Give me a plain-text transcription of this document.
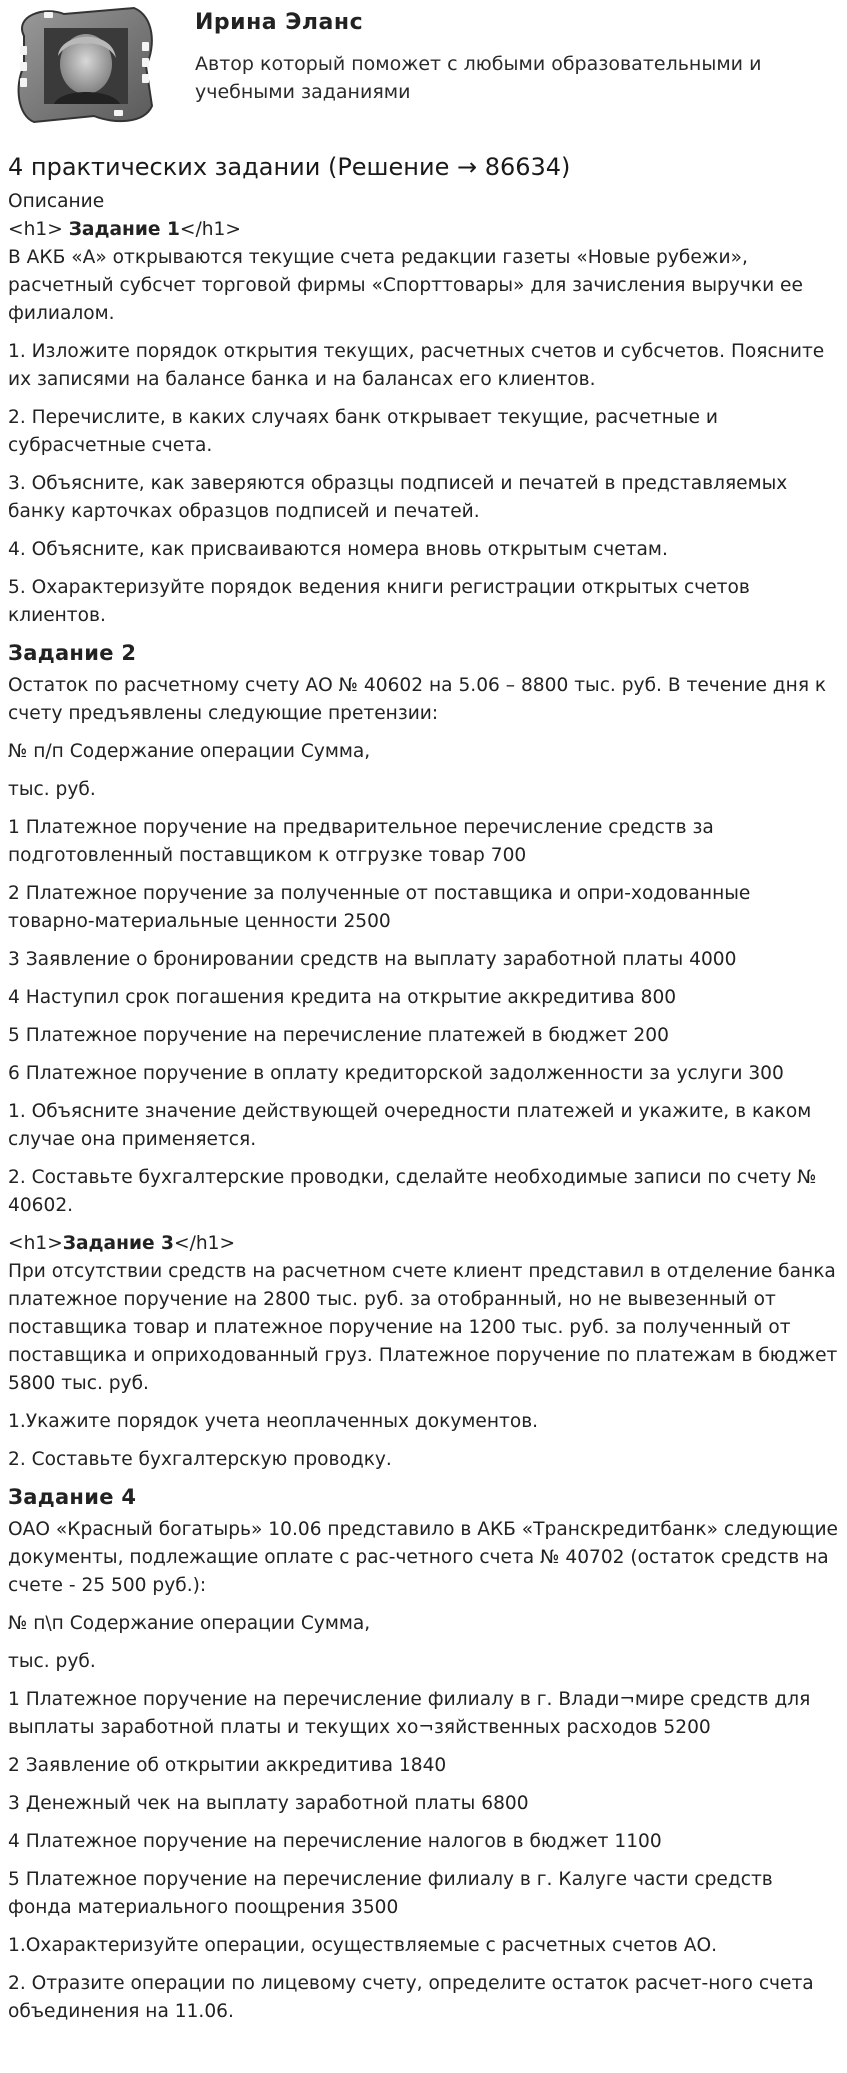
Ирина Эланс
Автор который поможет с любыми образовательными и учебными заданиями
4 практических задании (Решение → 86634)

Описание

<h1> Задание 1</h1>

В АКБ «А» открываются текущие счета редакции газеты «Новые рубежи», расчетный субсчет торговой фирмы «Спорттовары» для зачисления выручки ее филиалом.

1. Изложите порядок открытия текущих, расчетных счетов и субсчетов. Поясните их записями на балансе банка и на балансах его клиентов.

2. Перечислите, в каких случаях банк открывает текущие, расчетные и субрасчетные счета.

3. Объясните, как заверяются образцы подписей и печатей в представляемых банку карточках образцов подписей и печатей.

4. Объясните, как присваиваются номера вновь открытым счетам.

5. Охарактеризуйте порядок ведения книги регистрации открытых счетов клиентов.

Задание 2

Остаток по расчетному счету АО № 40602 на 5.06 – 8800 тыс. руб. В течение дня к счету предъявлены следующие претензии:

№ п/п Содержание операции Сумма,

тыс. руб.

1 Платежное поручение на предварительное перечисление средств за подготовленный поставщиком к отгрузке товар 700

2 Платежное поручение за полученные от поставщика и опри-ходованные товарно-материальные ценности 2500

3 Заявление о бронировании средств на выплату заработной платы 4000

4 Наступил срок погашения кредита на открытие аккредитива 800

5 Платежное поручение на перечисление платежей в бюджет 200

6 Платежное поручение в оплату кредиторской задолженности за услуги 300

1. Объясните значение действующей очередности платежей и укажите, в каком случае она применяется.

2. Составьте бухгалтерские проводки, сделайте необходимые записи по счету № 40602.

<h1>Задание 3</h1>

При отсутствии средств на расчетном счете клиент представил в отделение банка платежное поручение на 2800 тыс. руб. за отобранный, но не вывезенный от поставщика товар и платежное поручение на 1200 тыс. руб. за полученный от поставщика и оприходованный груз. Платежное поручение по платежам в бюджет 5800 тыс. руб.

1.Укажите порядок учета неоплаченных документов.

2. Составьте бухгалтерскую проводку.

Задание 4

ОАО «Красный богатырь» 10.06 представило в АКБ «Транскредитбанк» следующие документы, подлежащие оплате с рас-четного счета № 40702 (остаток средств на счете - 25 500 руб.):

№ п\п Содержание операции Сумма,

тыс. руб.

1 Платежное поручение на перечисление филиалу в г. Влади¬мире средств для выплаты заработной платы и текущих хо¬зяйственных расходов 5200

2 Заявление об открытии аккредитива 1840

3 Денежный чек на выплату заработной платы 6800

4 Платежное поручение на перечисление налогов в бюджет 1100

5 Платежное поручение на перечисление филиалу в г. Калуге части средств фонда материального поощрения 3500

1.Охарактеризуйте операции, осуществляемые с расчетных счетов АО.

2. Отразите операции по лицевому счету, определите остаток расчет-ного счета объединения на 11.06.
